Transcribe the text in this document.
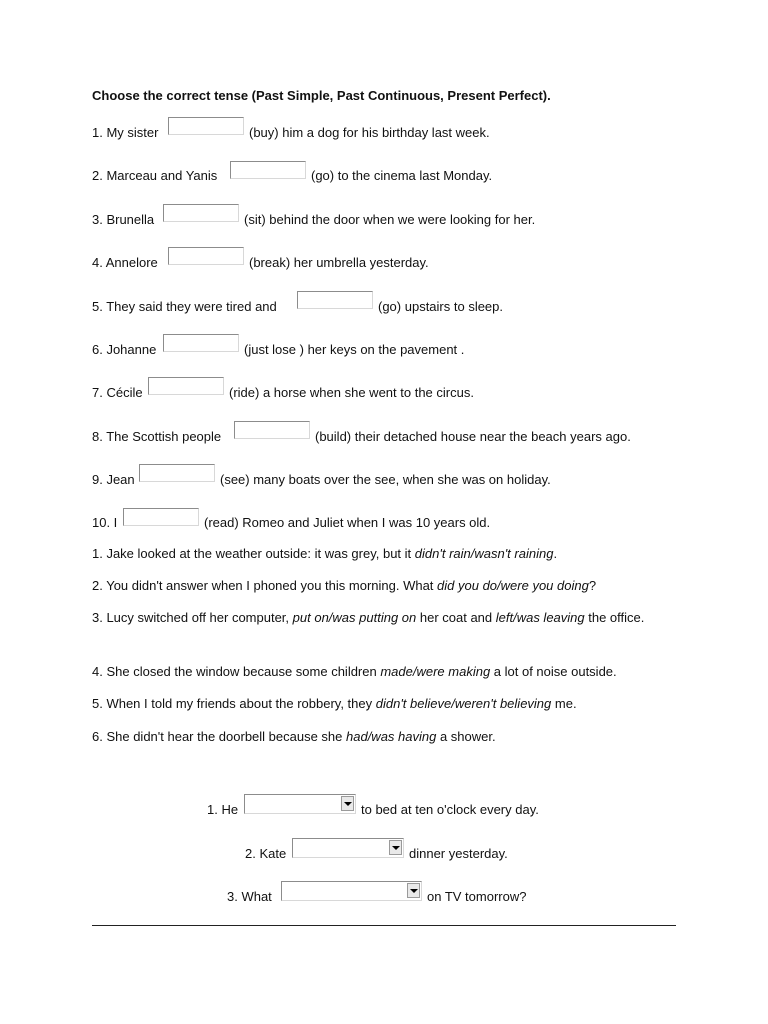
Choose the correct tense (Past Simple, Past Continuous, Present Perfect).
1. My sister	(buy) him a dog for his birthday last week.
2. Marceau and Yanis	(go) to the cinema last Monday.
3. Brunella	(sit) behind the door when we were looking for her.
4. Annelore	(break) her umbrella yesterday.
5. They said they were tired and	(go) upstairs to sleep.
6. Johanne	(just lose ) her keys on the pavement .
7. Cécile	(ride) a horse when she went to the circus.
8. The Scottish people	(build) their detached house near the beach years ago.
9. Jean	(see) many boats over the see, when she was on holiday.
10. I	(read) Romeo and Juliet when I was 10 years old.
1. Jake looked at the weather outside: it was grey, but it didn't rain/wasn't raining.
2. You didn't answer when I phoned you this morning. What did you do/were you doing?
3. Lucy switched off her computer, put on/was putting on her coat and left/was leaving the office.
4. She closed the window because some children made/were making a lot of noise outside.
5. When I told my friends about the robbery, they didn't believe/weren't believing me.
6. She didn't hear the doorbell because she had/was having a shower.
1. He	to bed at ten o'clock every day.
2. Kate	dinner yesterday.
3. What	on TV tomorrow?
